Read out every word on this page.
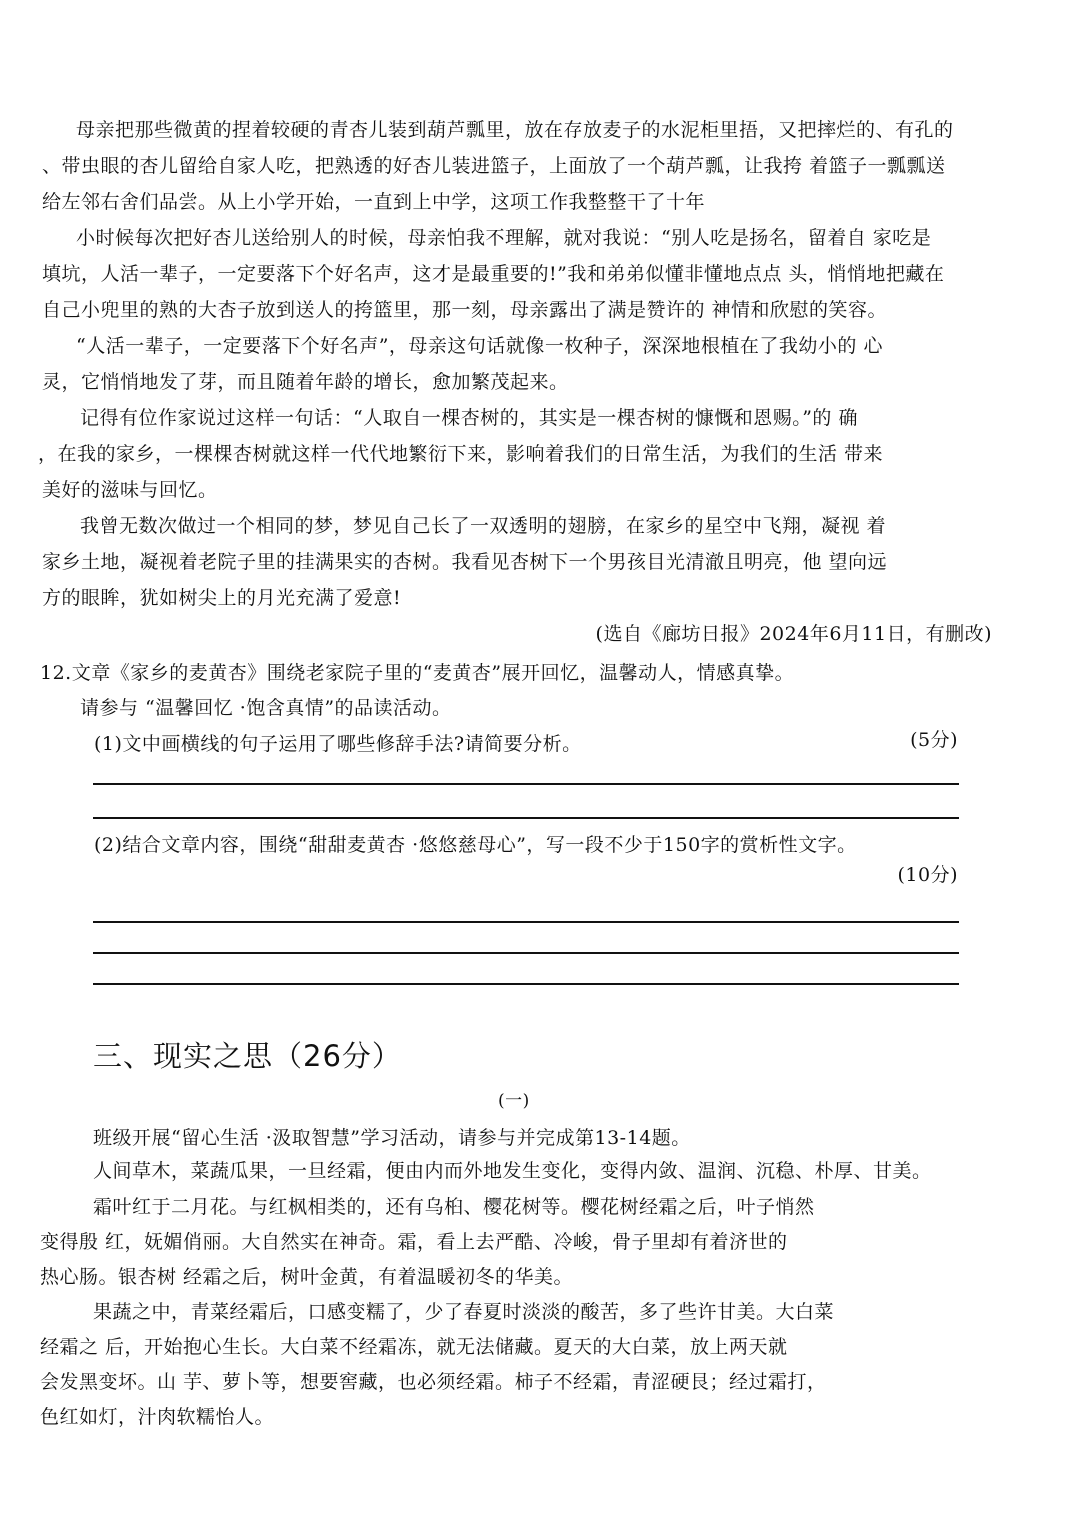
母亲把那些微黄的捏着较硬的青杏儿装到葫芦瓢里，放在存放麦子的水泥柜里捂，又把摔烂的、有孔的
、带虫眼的杏儿留给自家人吃，把熟透的好杏儿装进篮子，上面放了一个葫芦瓢，让我挎 着篮子一瓢瓢送
给左邻右舍们品尝。从上小学开始，一直到上中学，这项工作我整整干了十年
小时候每次把好杏儿送给别人的时候，母亲怕我不理解，就对我说：“别人吃是扬名，留着自 家吃是
填坑，人活一辈子，一定要落下个好名声，这才是最重要的!”我和弟弟似懂非懂地点点 头，悄悄地把藏在
自己小兜里的熟的大杏子放到送人的挎篮里，那一刻，母亲露出了满是赞许的 神情和欣慰的笑容。
“人活一辈子，一定要落下个好名声”，母亲这句话就像一枚种子，深深地根植在了我幼小的 心
灵，它悄悄地发了芽，而且随着年龄的增长，愈加繁茂起来。
记得有位作家说过这样一句话：“人取自一棵杏树的，其实是一棵杏树的慷慨和恩赐。”的 确
，在我的家乡，一棵棵杏树就这样一代代地繁衍下来，影响着我们的日常生活，为我们的生活 带来
美好的滋味与回忆。
我曾无数次做过一个相同的梦，梦见自己长了一双透明的翅膀，在家乡的星空中飞翔，凝视 着
家乡土地，凝视着老院子里的挂满果实的杏树。我看见杏树下一个男孩目光清澈且明亮，他 望向远
方的眼眸，犹如树尖上的月光充满了爱意!
(选自《廊坊日报》2024年6月11日，有删改)
12.文章《家乡的麦黄杏》围绕老家院子里的“麦黄杏”展开回忆，温馨动人，情感真挚。
请参与 “温馨回忆 ·饱含真情”的品读活动。
(1)文中画横线的句子运用了哪些修辞手法?请简要分析。	(5分)
(2)结合文章内容，围绕“甜甜麦黄杏 ·悠悠慈母心”，写一段不少于150字的赏析性文字。
(10分)
三、现实之思（26分）
(一)
班级开展“留心生活 ·汲取智慧”学习活动，请参与并完成第13-14题。
人间草木，菜蔬瓜果，一旦经霜，便由内而外地发生变化，变得内敛、温润、沉稳、朴厚、甘美。
霜叶红于二月花。与红枫相类的，还有乌桕、樱花树等。樱花树经霜之后，叶子悄然
变得殷 红，妩媚俏丽。大自然实在神奇。霜，看上去严酷、冷峻，骨子里却有着济世的
热心肠。银杏树 经霜之后，树叶金黄，有着温暖初冬的华美。
果蔬之中，青菜经霜后，口感变糯了，少了春夏时淡淡的酸苦，多了些许甘美。大白菜
经霜之 后，开始抱心生长。大白菜不经霜冻，就无法储藏。夏天的大白菜，放上两天就
会发黑变坏。山 芋、萝卜等，想要窖藏，也必须经霜。柿子不经霜，青涩硬艮；经过霜打，
色红如灯，汁肉软糯怡人。
